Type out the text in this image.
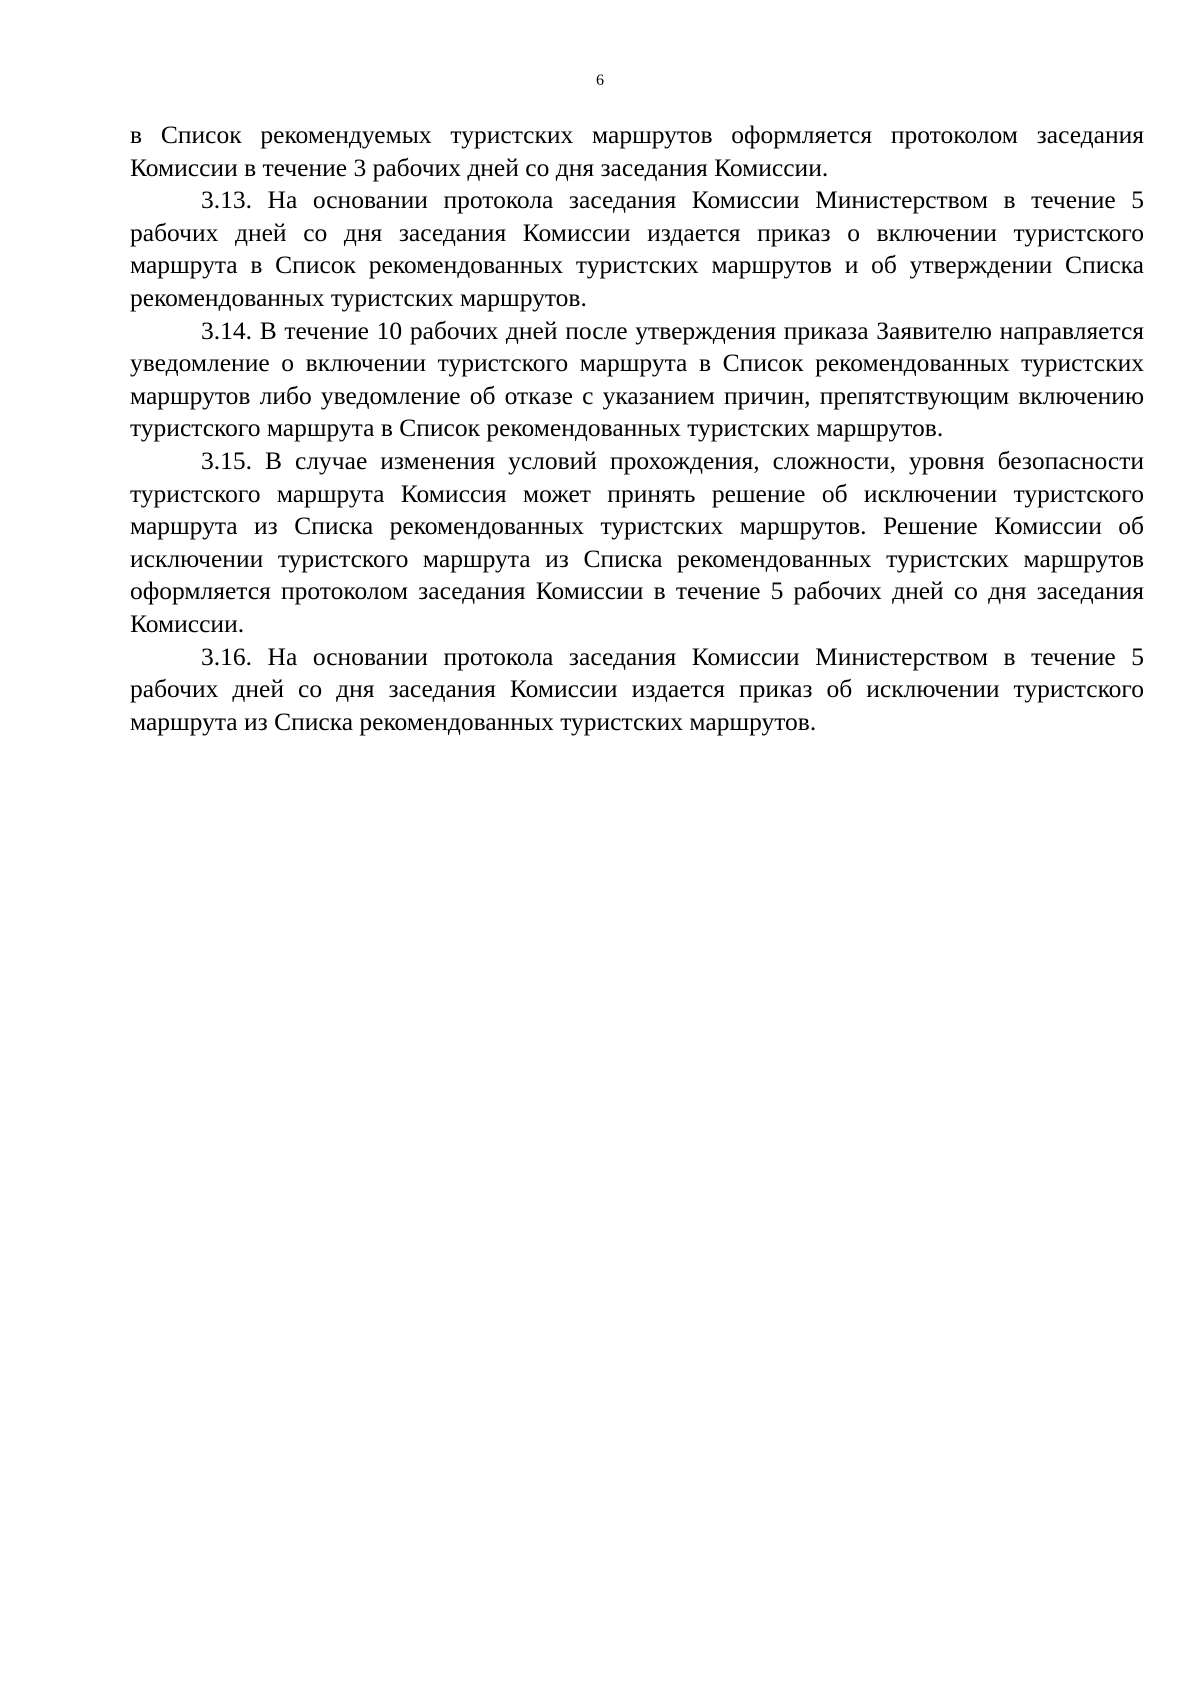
6

в Список рекомендуемых туристских маршрутов оформляется протоколом заседания Комиссии в течение 3 рабочих дней со дня заседания Комиссии.

3.13. На основании протокола заседания Комиссии Министерством в течение 5 рабочих дней со дня заседания Комиссии издается приказ о включении туристского маршрута в Список рекомендованных туристских маршрутов и об утверждении Списка рекомендованных туристских маршрутов.

3.14. В течение 10 рабочих дней после утверждения приказа Заявителю направляется уведомление о включении туристского маршрута в Список рекомендованных туристских маршрутов либо уведомление об отказе с указанием причин, препятствующим включению туристского маршрута в Список рекомендованных туристских маршрутов.

3.15. В случае изменения условий прохождения, сложности, уровня безопасности туристского маршрута Комиссия может принять решение об исключении туристского маршрута из Списка рекомендованных туристских маршрутов. Решение Комиссии об исключении туристского маршрута из Списка рекомендованных туристских маршрутов оформляется протоколом заседания Комиссии в течение 5 рабочих дней со дня заседания Комиссии.

3.16. На основании протокола заседания Комиссии Министерством в течение 5 рабочих дней со дня заседания Комиссии издается приказ об исключении туристского маршрута из Списка рекомендованных туристских маршрутов.
